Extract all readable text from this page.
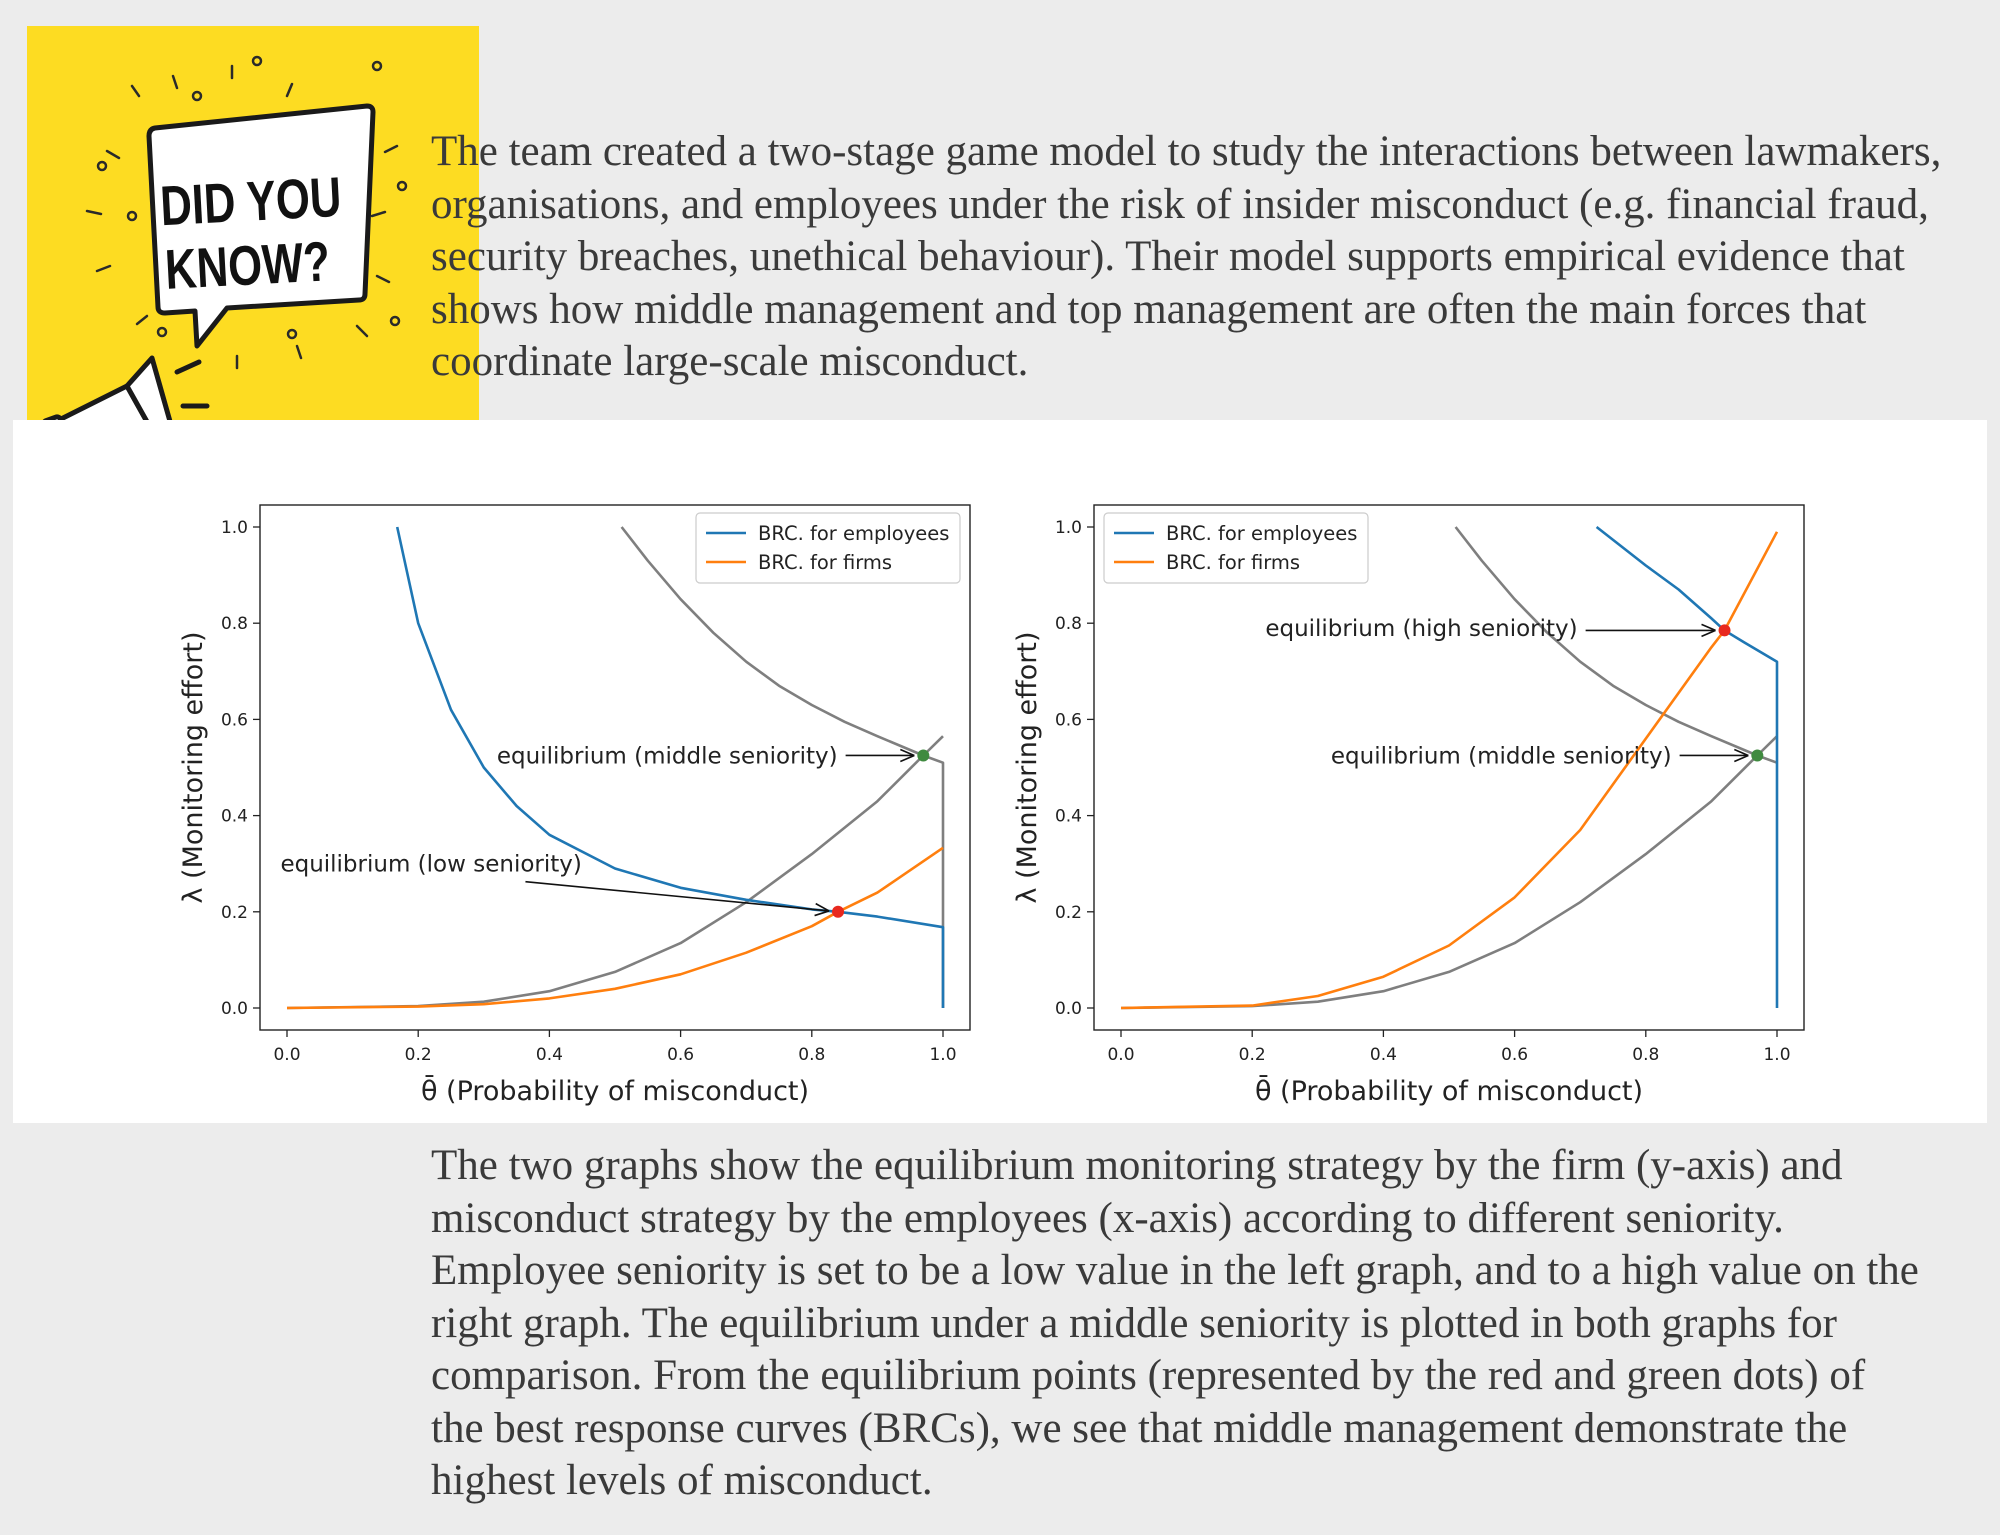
DID YOU
KNOW?

The team created a two-stage game model to study the interactions between lawmakers, organisations, and employees under the risk of insider misconduct (e.g. financial fraud, security breaches, unethical behaviour). Their model supports empirical evidence that shows how middle management and top management are often the main forces that coordinate large-scale misconduct.

0.0	0.2	0.4	0.6	0.8	1.0
0.0
0.2
0.4
0.6
0.8
1.0
θ̄ (Probability of misconduct)
λ (Monitoring effort)	equilibrium (middle seniority)
equilibrium (low seniority)
BRC. for employees
BRC. for firms
0.0	0.2	0.4	0.6	0.8	1.0
0.0
0.2
0.4
0.6
0.8
1.0
θ̄ (Probability of misconduct)
λ (Monitoring effort)
equilibrium (high seniority)
equilibrium (middle seniority)
BRC. for employees
BRC. for firms

The two graphs show the equilibrium monitoring strategy by the firm (y-axis) and misconduct strategy by the employees (x-axis) according to different seniority. Employee seniority is set to be a low value in the left graph, and to a high value on the right graph. The equilibrium under a middle seniority is plotted in both graphs for comparison. From the equilibrium points (represented by the red and green dots) of the best response curves (BRCs), we see that middle management demonstrate the highest levels of misconduct.
